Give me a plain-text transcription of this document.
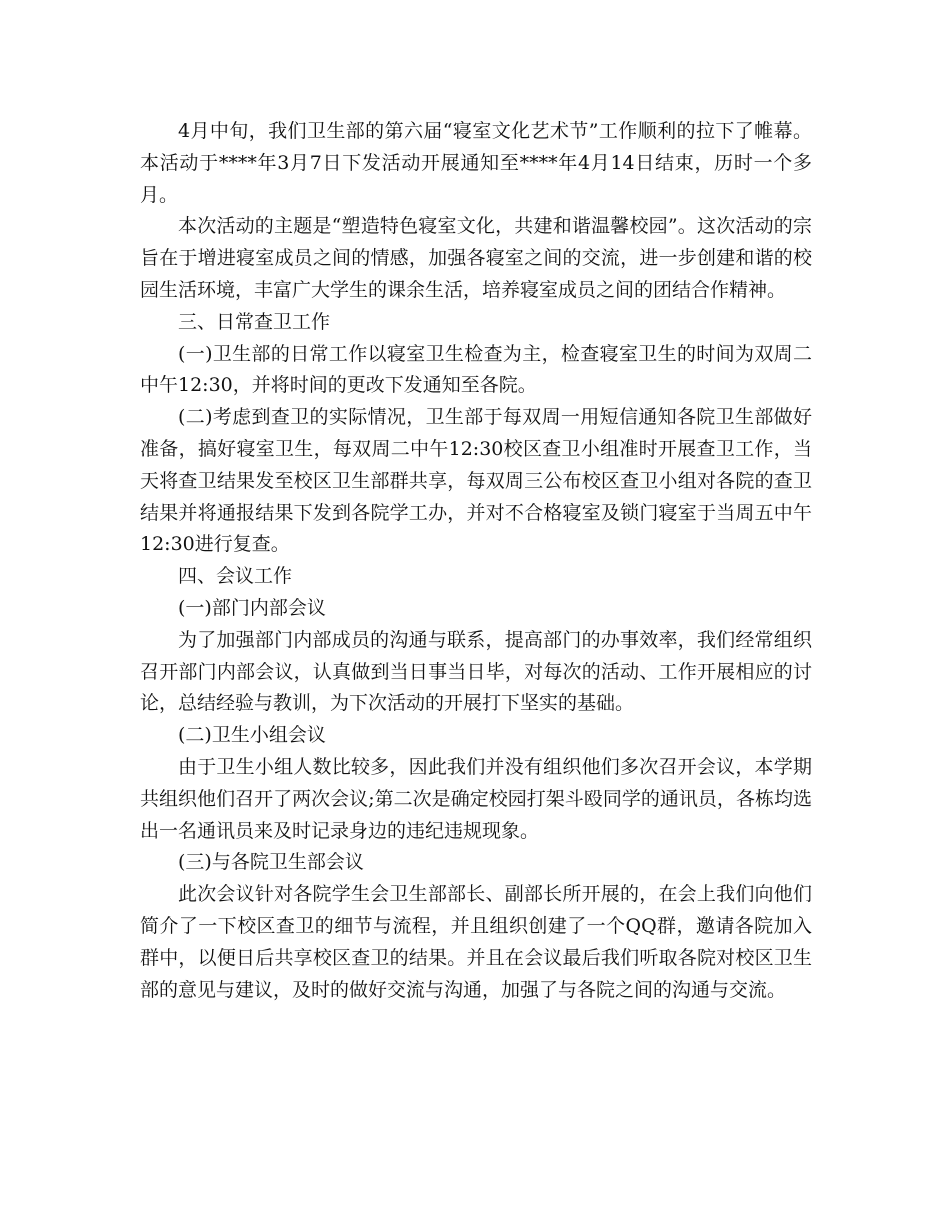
4月中旬，我们卫生部的第六届“寝室文化艺术节”工作顺利的拉下了帷幕。本活动于****年3月7日下发活动开展通知至****年4月14日结束，历时一个多月。

本次活动的主题是“塑造特色寝室文化，共建和谐温馨校园”。这次活动的宗旨在于增进寝室成员之间的情感，加强各寝室之间的交流，进一步创建和谐的校园生活环境，丰富广大学生的课余生活，培养寝室成员之间的团结合作精神。

三、日常查卫工作

(一)卫生部的日常工作以寝室卫生检查为主，检查寝室卫生的时间为双周二中午12:30，并将时间的更改下发通知至各院。

(二)考虑到查卫的实际情况，卫生部于每双周一用短信通知各院卫生部做好准备，搞好寝室卫生，每双周二中午12:30校区查卫小组准时开展查卫工作，当天将查卫结果发至校区卫生部群共享，每双周三公布校区查卫小组对各院的查卫结果并将通报结果下发到各院学工办，并对不合格寝室及锁门寝室于当周五中午12:30进行复查。

四、会议工作

(一)部门内部会议

为了加强部门内部成员的沟通与联系，提高部门的办事效率，我们经常组织召开部门内部会议，认真做到当日事当日毕，对每次的活动、工作开展相应的讨论，总结经验与教训，为下次活动的开展打下坚实的基础。

(二)卫生小组会议

由于卫生小组人数比较多，因此我们并没有组织他们多次召开会议，本学期共组织他们召开了两次会议;第二次是确定校园打架斗殴同学的通讯员，各栋均选出一名通讯员来及时记录身边的违纪违规现象。

(三)与各院卫生部会议

此次会议针对各院学生会卫生部部长、副部长所开展的，在会上我们向他们简介了一下校区查卫的细节与流程，并且组织创建了一个QQ群，邀请各院加入群中，以便日后共享校区查卫的结果。并且在会议最后我们听取各院对校区卫生部的意见与建议，及时的做好交流与沟通，加强了与各院之间的沟通与交流。
